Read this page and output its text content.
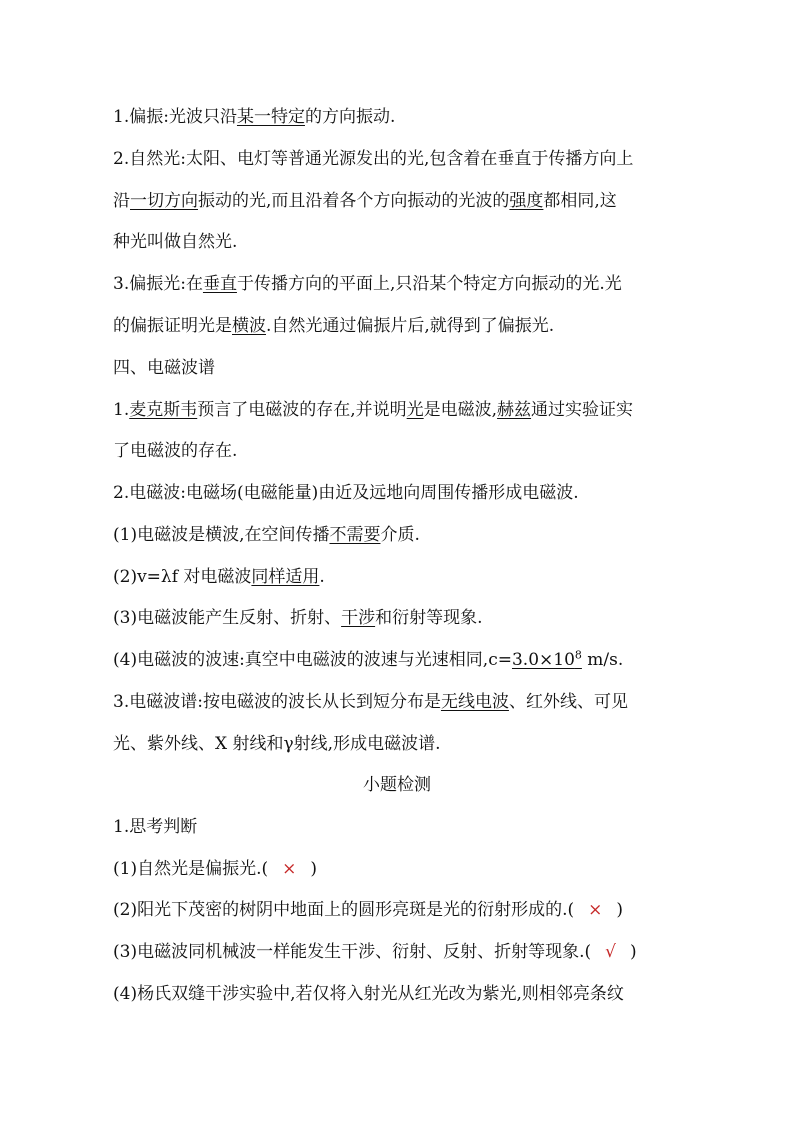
1.偏振:光波只沿某一特定的方向振动.
2.自然光:太阳、电灯等普通光源发出的光,包含着在垂直于传播方向上
沿一切方向振动的光,而且沿着各个方向振动的光波的强度都相同,这
种光叫做自然光.
3.偏振光:在垂直于传播方向的平面上,只沿某个特定方向振动的光.光
的偏振证明光是横波.自然光通过偏振片后,就得到了偏振光.
四、电磁波谱
1.麦克斯韦预言了电磁波的存在,并说明光是电磁波,赫兹通过实验证实
了电磁波的存在.
2.电磁波:电磁场(电磁能量)由近及远地向周围传播形成电磁波.
(1)电磁波是横波,在空间传播不需要介质.
(2)v=λf 对电磁波同样适用.
(3)电磁波能产生反射、折射、干涉和衍射等现象.
(4)电磁波的波速:真空中电磁波的波速与光速相同$,c=3.0\times 10^8$ m/s.
3.电磁波谱:按电磁波的波长从长到短分布是无线电波、红外线、可见
光、紫外线、X 射线和γ射线,形成电磁波谱.
小题检测
1.思考判断
(1)自然光是偏振光.( × )
(2)阳光下茂密的树阴中地面上的圆形亮斑是光的衍射形成的.( × )
(3)电磁波同机械波一样能发生干涉、衍射、反射、折射等现象.( √ )
(4)杨氏双缝干涉实验中,若仅将入射光从红光改为紫光,则相邻亮条纹
